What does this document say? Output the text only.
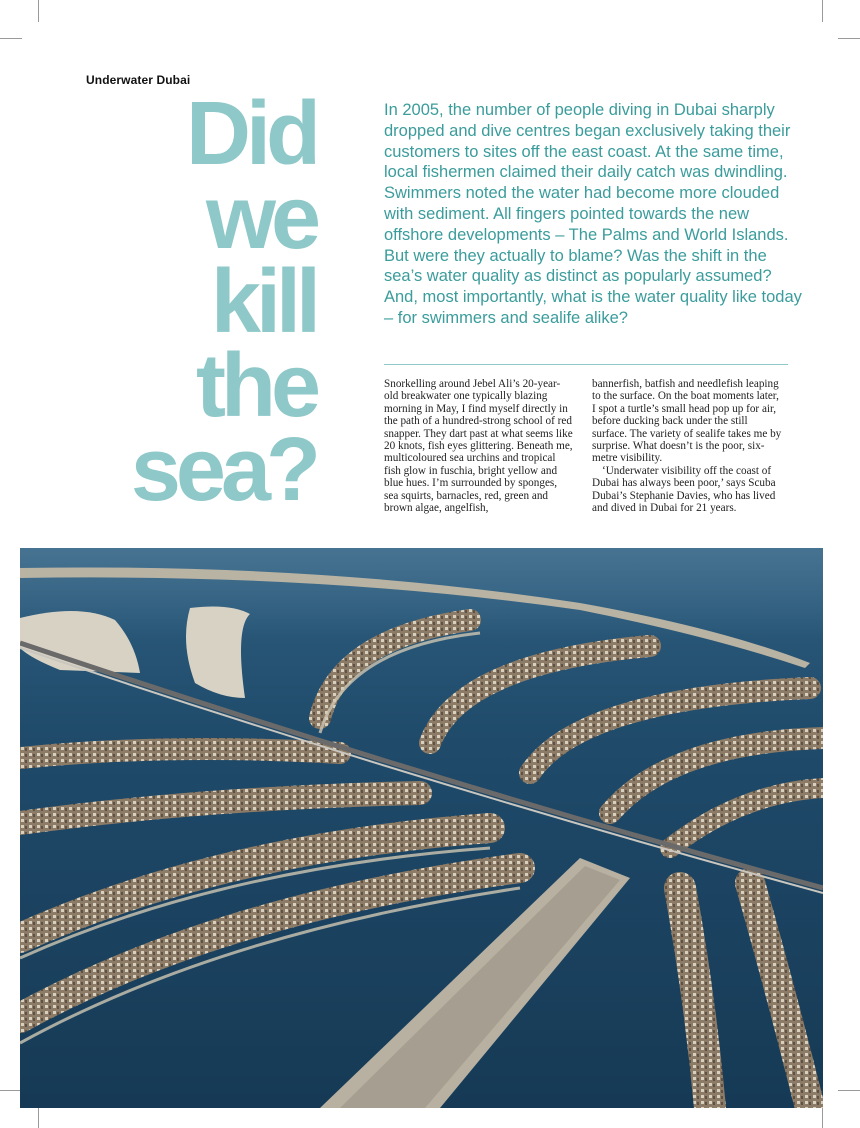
Underwater Dubai
Did
we
kill
the
sea?
In 2005, the number of people diving in Dubai sharply dropped and dive centres began exclusively taking their customers to sites off the east coast. At the same time, local fishermen claimed their daily catch was dwindling. Swimmers noted the water had become more clouded with sediment. All fingers pointed towards the new offshore developments – The Palms and World Islands. But were they actually to blame? Was the shift in the sea’s water quality as distinct as popularly assumed? And, most importantly, what is the water quality like today – for swimmers and sealife alike?

Snorkelling around Jebel Ali’s 20-year-old breakwater one typically blazing morning in May, I find myself directly in the path of a hundred-strong school of red snapper. They dart past at what seems like 20 knots, fish eyes glittering. Beneath me, multicoloured sea urchins and tropical fish glow in fuschia, bright yellow and blue hues. I’m surrounded by sponges, sea squirts, barnacles, red, green and brown algae, angelfish,

bannerfish, batfish and needlefish leaping to the surface. On the boat moments later, I spot a turtle’s small head pop up for air, before ducking back under the still surface. The variety of sealife takes me by surprise. What doesn’t is the poor, six-metre visibility.

‘Underwater visibility off the coast of Dubai has always been poor,’ says Scuba Dubai’s Stephanie Davies, who has lived and dived in Dubai for 21 years.
